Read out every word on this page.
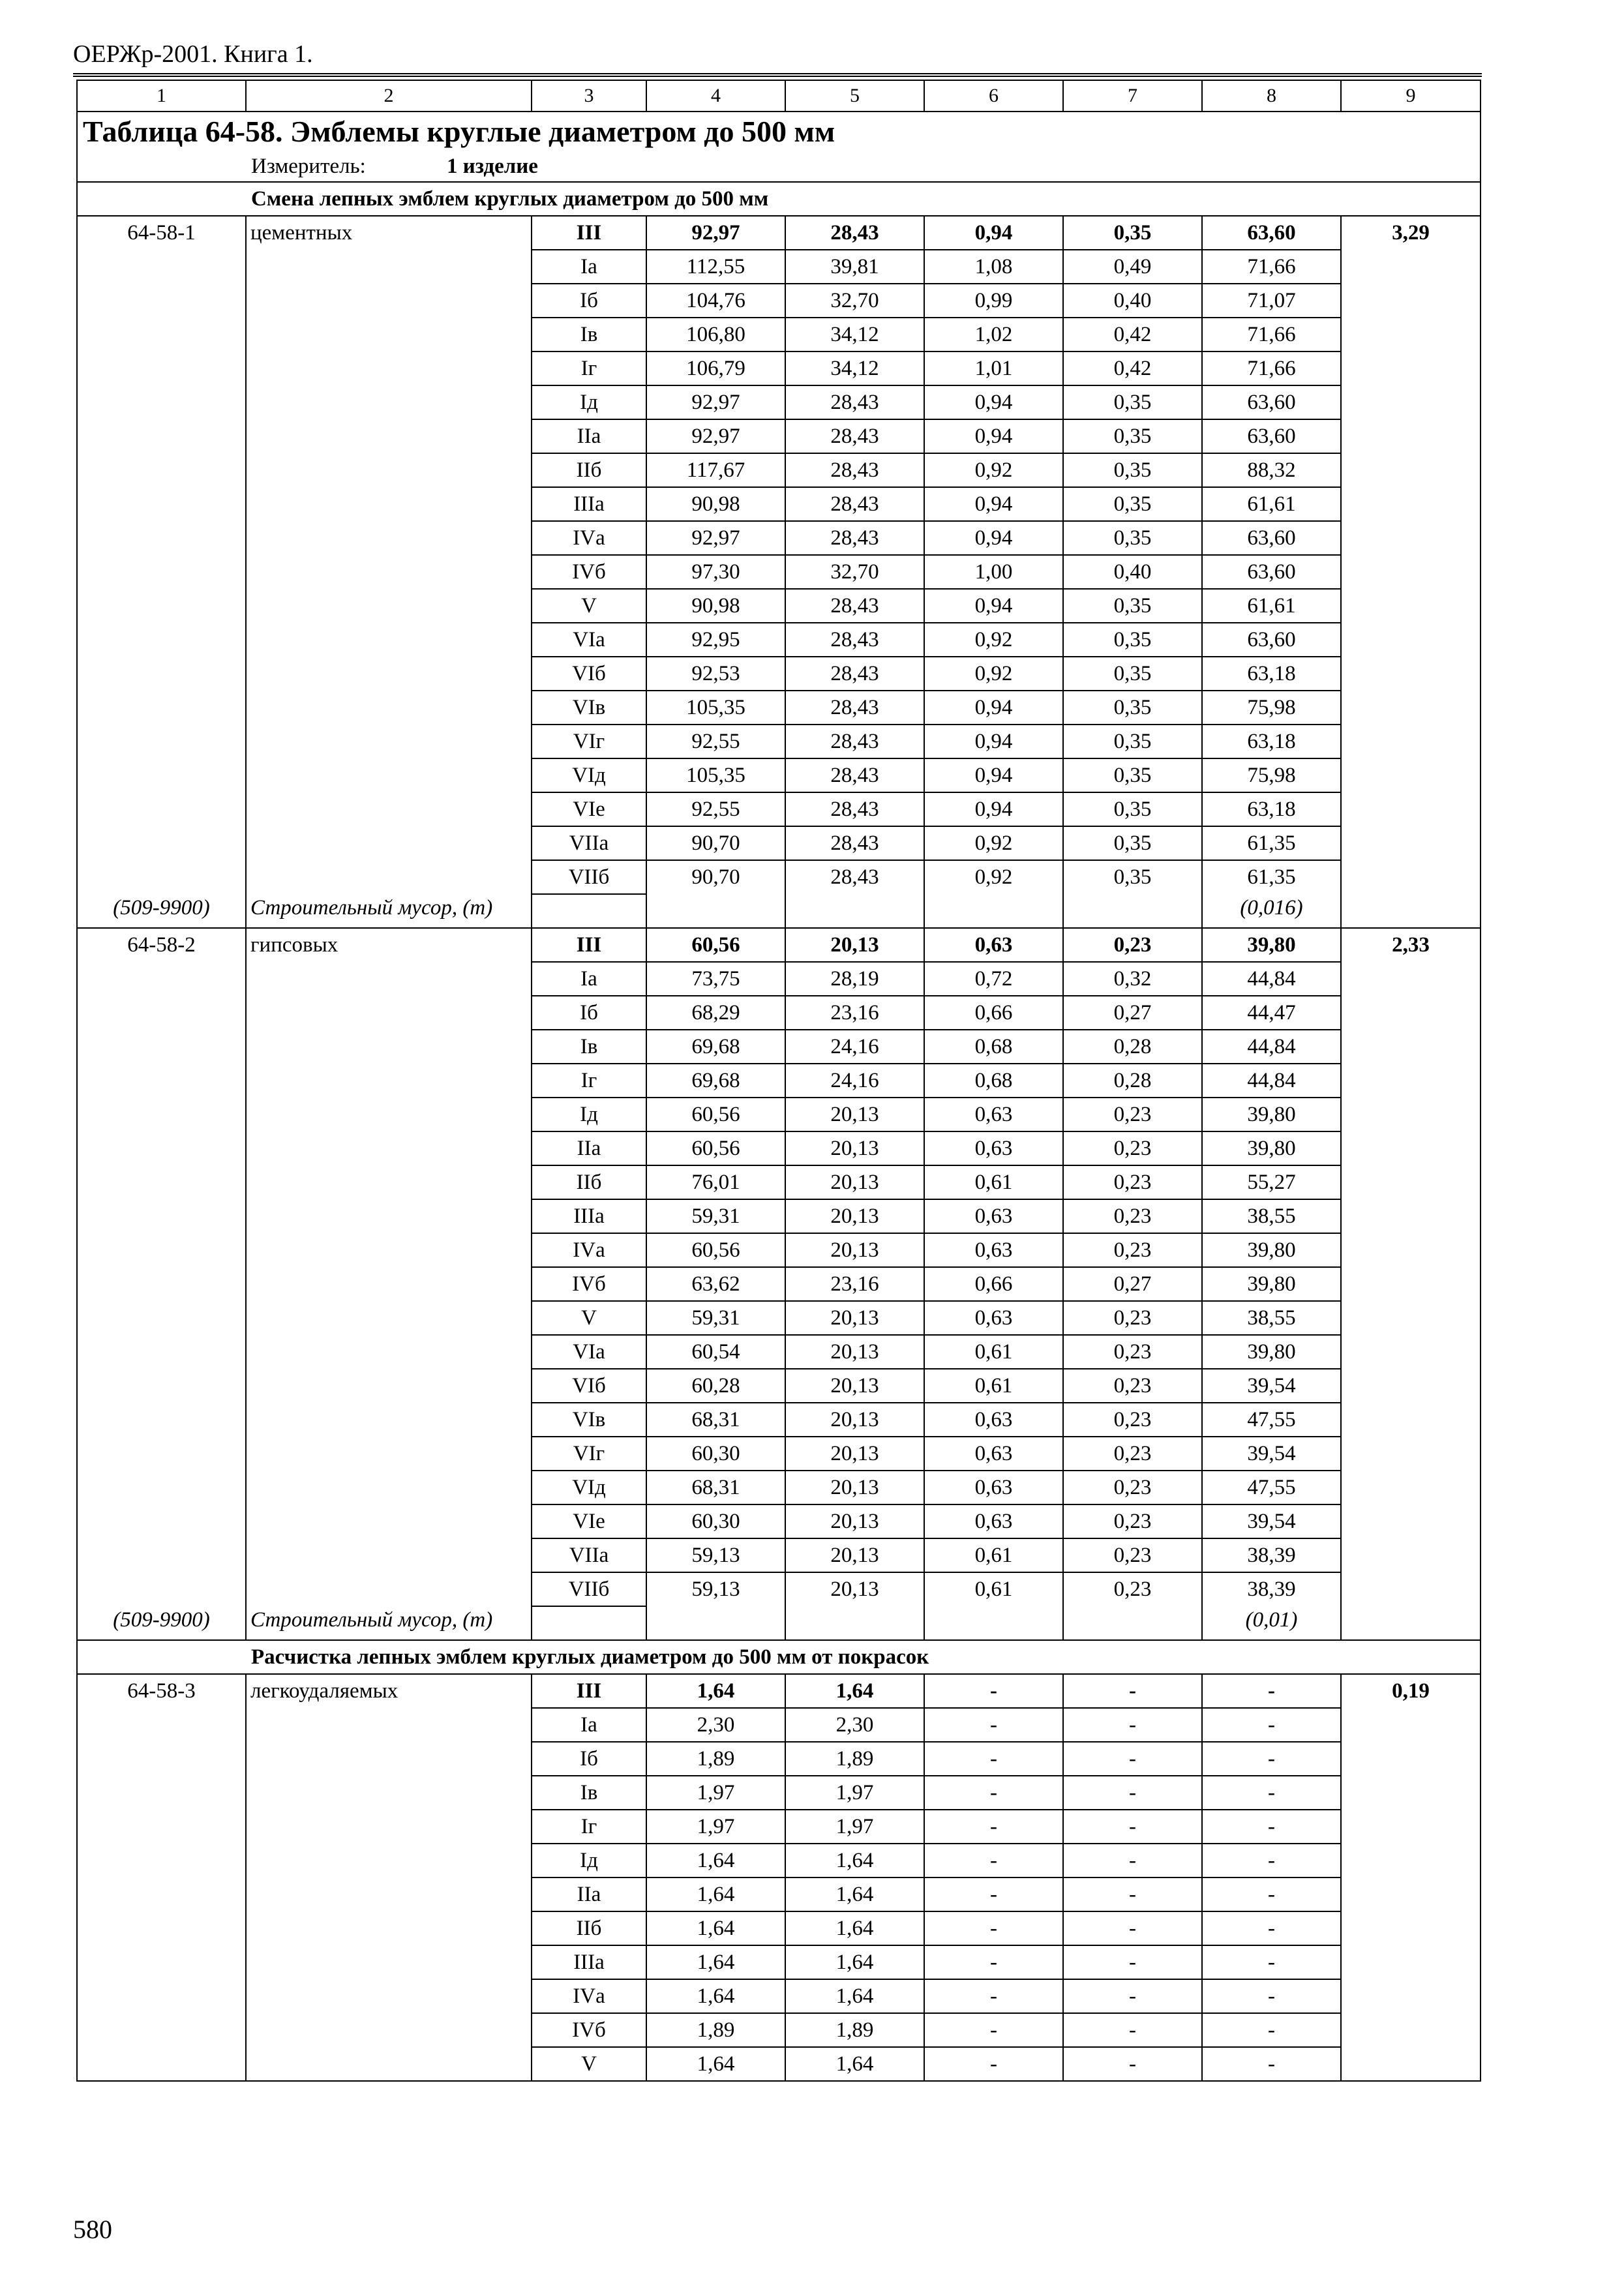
ОЕРЖр-2001. Книга 1.
1	2	3	4	5	6	7	8	9
Таблица 64-58. Эмблемы круглые диаметром до 500 мм								
Измеритель: 1 изделие								
Смена лепных эмблем круглых диаметром до 500 мм								
64-58-1	цементных	III	92,97	28,43	0,94	0,35	63,60	3,29
		Iа	112,55	39,81	1,08	0,49	71,66	
		Iб	104,76	32,70	0,99	0,40	71,07	
		Iв	106,80	34,12	1,02	0,42	71,66	
		Iг	106,79	34,12	1,01	0,42	71,66	
		Iд	92,97	28,43	0,94	0,35	63,60	
		IIа	92,97	28,43	0,94	0,35	63,60	
		IIб	117,67	28,43	0,92	0,35	88,32	
		IIIа	90,98	28,43	0,94	0,35	61,61	
		IVа	92,97	28,43	0,94	0,35	63,60	
		IVб	97,30	32,70	1,00	0,40	63,60	
		V	90,98	28,43	0,94	0,35	61,61	
		VIа	92,95	28,43	0,92	0,35	63,60	
		VIб	92,53	28,43	0,92	0,35	63,18	
		VIв	105,35	28,43	0,94	0,35	75,98	
		VIг	92,55	28,43	0,94	0,35	63,18	
		VIд	105,35	28,43	0,94	0,35	75,98	
		VIе	92,55	28,43	0,94	0,35	63,18	
		VIIа	90,70	28,43	0,92	0,35	61,35	
		VIIб	90,70	28,43	0,92	0,35	61,35	
(509-9900)	Строительный мусор, (т)						(0,016)	
64-58-2	гипсовых	III	60,56	20,13	0,63	0,23	39,80	2,33
		Iа	73,75	28,19	0,72	0,32	44,84	
		Iб	68,29	23,16	0,66	0,27	44,47	
		Iв	69,68	24,16	0,68	0,28	44,84	
		Iг	69,68	24,16	0,68	0,28	44,84	
		Iд	60,56	20,13	0,63	0,23	39,80	
		IIа	60,56	20,13	0,63	0,23	39,80	
		IIб	76,01	20,13	0,61	0,23	55,27	
		IIIа	59,31	20,13	0,63	0,23	38,55	
		IVа	60,56	20,13	0,63	0,23	39,80	
		IVб	63,62	23,16	0,66	0,27	39,80	
		V	59,31	20,13	0,63	0,23	38,55	
		VIа	60,54	20,13	0,61	0,23	39,80	
		VIб	60,28	20,13	0,61	0,23	39,54	
		VIв	68,31	20,13	0,63	0,23	47,55	
		VIг	60,30	20,13	0,63	0,23	39,54	
		VIд	68,31	20,13	0,63	0,23	47,55	
		VIе	60,30	20,13	0,63	0,23	39,54	
		VIIа	59,13	20,13	0,61	0,23	38,39	
		VIIб	59,13	20,13	0,61	0,23	38,39	
(509-9900)	Строительный мусор, (т)						(0,01)	
Расчистка лепных эмблем круглых диаметром до 500 мм от покрасок								
64-58-3	легкоудаляемых	III	1,64	1,64	-	-	-	0,19
		Iа	2,30	2,30	-	-	-	
		Iб	1,89	1,89	-	-	-	
		Iв	1,97	1,97	-	-	-	
		Iг	1,97	1,97	-	-	-	
		Iд	1,64	1,64	-	-	-	
		IIа	1,64	1,64	-	-	-	
		IIб	1,64	1,64	-	-	-	
		IIIа	1,64	1,64	-	-	-	
		IVа	1,64	1,64	-	-	-	
		IVб	1,89	1,89	-	-	-	
		V	1,64	1,64	-	-	-	
580
